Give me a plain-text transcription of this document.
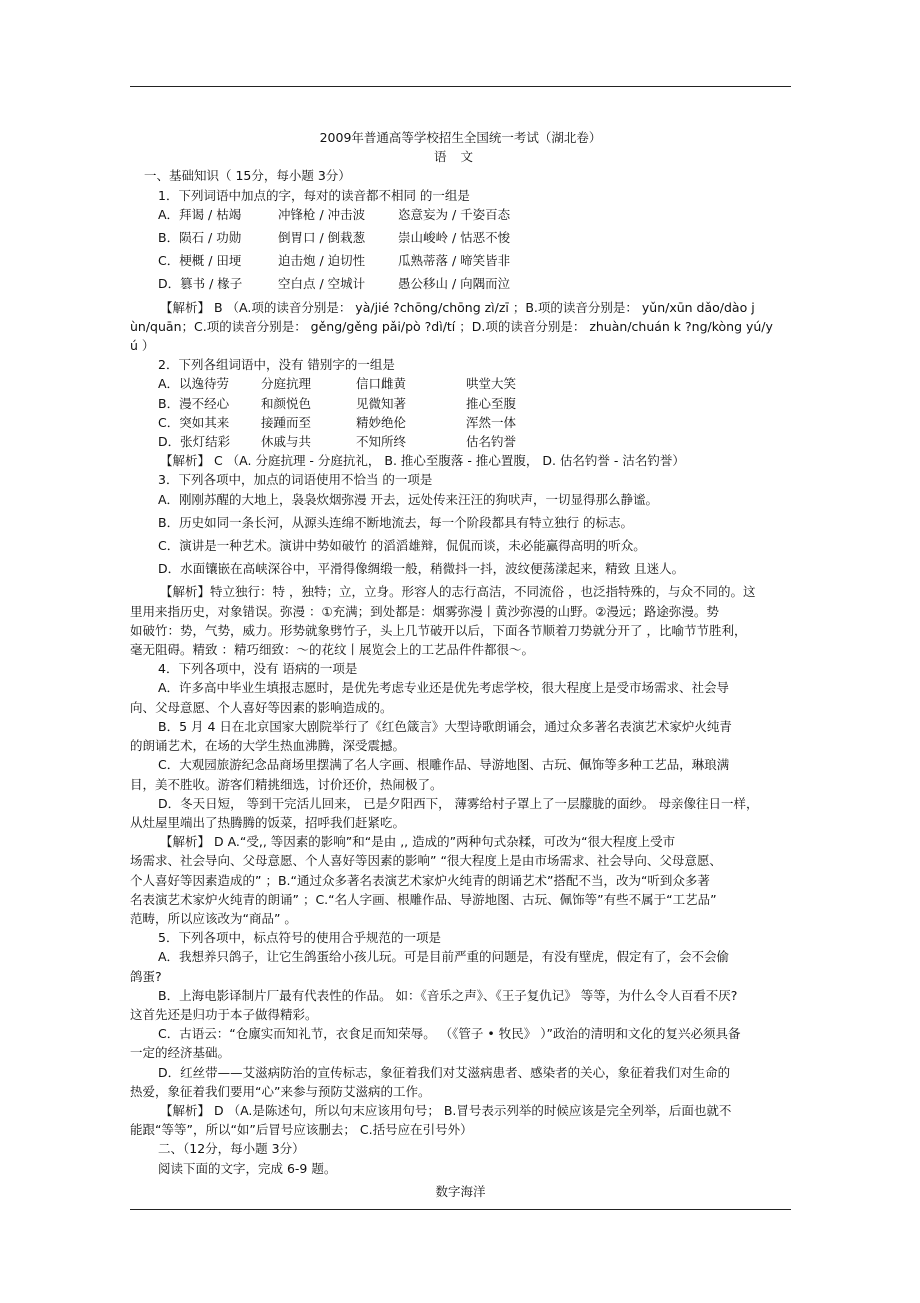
2009年普通高等学校招生全国统一考试（湖北卷）
语文
一、基础知识（ 15分，每小题 3分）
1．下列词语中加点的字，每对的读音都不相同 的一组是
A．拜谒 / 枯竭	冲锋枪 / 冲击波	恣意妄为 / 千姿百态
B．陨石 / 功勋	倒胃口 / 倒栽葱	崇山峻岭 / 怙恶不悛
C．梗概 / 田埂	迫击炮 / 迫切性	瓜熟蒂落 / 啼笑皆非
D．篡书 / 椽子	空白点 / 空城计	愚公移山 / 向隅而泣
【解析】 B （A.项的读音分别是： yà/jié ?chōng/chōng zì/zī ；B.项的读音分别是： yǔn/xūn dǎo/dào j
ùn/quān；C.项的读音分别是： gěng/gěng pǎi/pò ?dì/tí ；D.项的读音分别是： zhuàn/chuán k ?ng/kòng yú/y
ú ）
2．下列各组词语中，没有 错别字的一组是
A．以逸待劳	分庭抗理	信口雌黄	哄堂大笑
B．漫不经心	和颜悦色	见微知著	推心至腹
C．突如其来	接踵而至	精妙绝伦	浑然一体
D．张灯结彩	休戚与共	不知所终	估名钓誉
【解析】 C （A. 分庭抗理 - 分庭抗礼， B. 推心至腹落 - 推心置腹， D. 估名钓誉 - 沽名钓誉）
3．下列各项中，加点的词语使用不恰当 的一项是
A．刚刚苏醒的大地上，袅袅炊烟弥漫 开去，远处传来汪汪的狗吠声，一切显得那么静谧。
B．历史如同一条长河，从源头连绵不断地流去，每一个阶段都具有特立独行 的标志。
C．演讲是一种艺术。演讲中势如破竹 的滔滔雄辩，侃侃而谈，未必能赢得高明的听众。
D．水面镶嵌在高峡深谷中，平滑得像绸缎一般，稍微抖一抖，波纹便荡漾起来，精致 且迷人。
【解析】特立独行：特 ，独特；立，立身。形容人的志行高洁，不同流俗 ，也泛指特殊的，与众不同的。这
里用来指历史，对象错误。弥漫 ：①充满；到处都是：烟雾弥漫丨黄沙弥漫的山野。②漫远；路途弥漫。势
如破竹：势，气势，威力。形势就象劈竹子，头上几节破开以后，下面各节顺着刀势就分开了 ，比喻节节胜利，
毫无阻碍。精致 ：精巧细致：～的花纹丨展览会上的工艺品件件都很～。
4．下列各项中，没有 语病的一项是
A．许多高中毕业生填报志愿时，是优先考虑专业还是优先考虑学校，很大程度上是受市场需求、社会导
向、父母意愿、个人喜好等因素的影响造成的。
B．5 月 4 日在北京国家大剧院举行了《红色箴言》大型诗歌朗诵会，通过众多著名表演艺术家炉火纯青
的朗诵艺术，在场的大学生热血沸腾，深受震撼。
C．大观园旅游纪念品商场里摆满了名人字画、根雕作品、导游地图、古玩、佩饰等多种工艺品，琳琅满
目，美不胜收。游客们精挑细选，讨价还价，热闹极了。
D．冬天日短， 等到干完活儿回来， 已是夕阳西下， 薄雾给村子罩上了一层朦胧的面纱。 母亲像往日一样，
从灶屋里端出了热腾腾的饭菜，招呼我们赶紧吃。
【解析】 D A.“受,, 等因素的影响”和“是由 ,, 造成的”两种句式杂糅，可改为“很大程度上受市
场需求、社会导向、父母意愿、个人喜好等因素的影响” “很大程度上是由市场需求、社会导向、父母意愿、
个人喜好等因素造成的” ；B.“通过众多著名表演艺术家炉火纯青的朗诵艺术”搭配不当，改为“听到众多著
名表演艺术家炉火纯青的朗诵” ；C.“名人字画、根雕作品、导游地图、古玩、佩饰等”有些不属于“工艺品”
范畴，所以应该改为“商品” 。
5．下列各项中，标点符号的使用合乎规范的一项是
A．我想养只鸽子，让它生鸽蛋给小孩儿玩。可是目前严重的问题是，有没有壁虎，假定有了，会不会偷
鸽蛋?
B．上海电影译制片厂最有代表性的作品。 如：《音乐之声》、《王子复仇记》 等等，为什么令人百看不厌?
这首先还是归功于本子做得精彩。
C．古语云：“仓廪实而知礼节，衣食足而知荣辱。 （《管子 • 牧民》 ）”政治的清明和文化的复兴必须具备
一定的经济基础。
D．红丝带——艾滋病防治的宣传标志，象征着我们对艾滋病患者、感染者的关心，象征着我们对生命的
热爱，象征着我们要用“心”来参与预防艾滋病的工作。
【解析】 D （A.是陈述句，所以句末应该用句号； B.冒号表示列举的时候应该是完全列举，后面也就不
能跟“等等”，所以“如”后冒号应该删去； C.括号应在引号外）
二、（12分，每小题 3分）
阅读下面的文字，完成 6-9 题。
数字海洋
